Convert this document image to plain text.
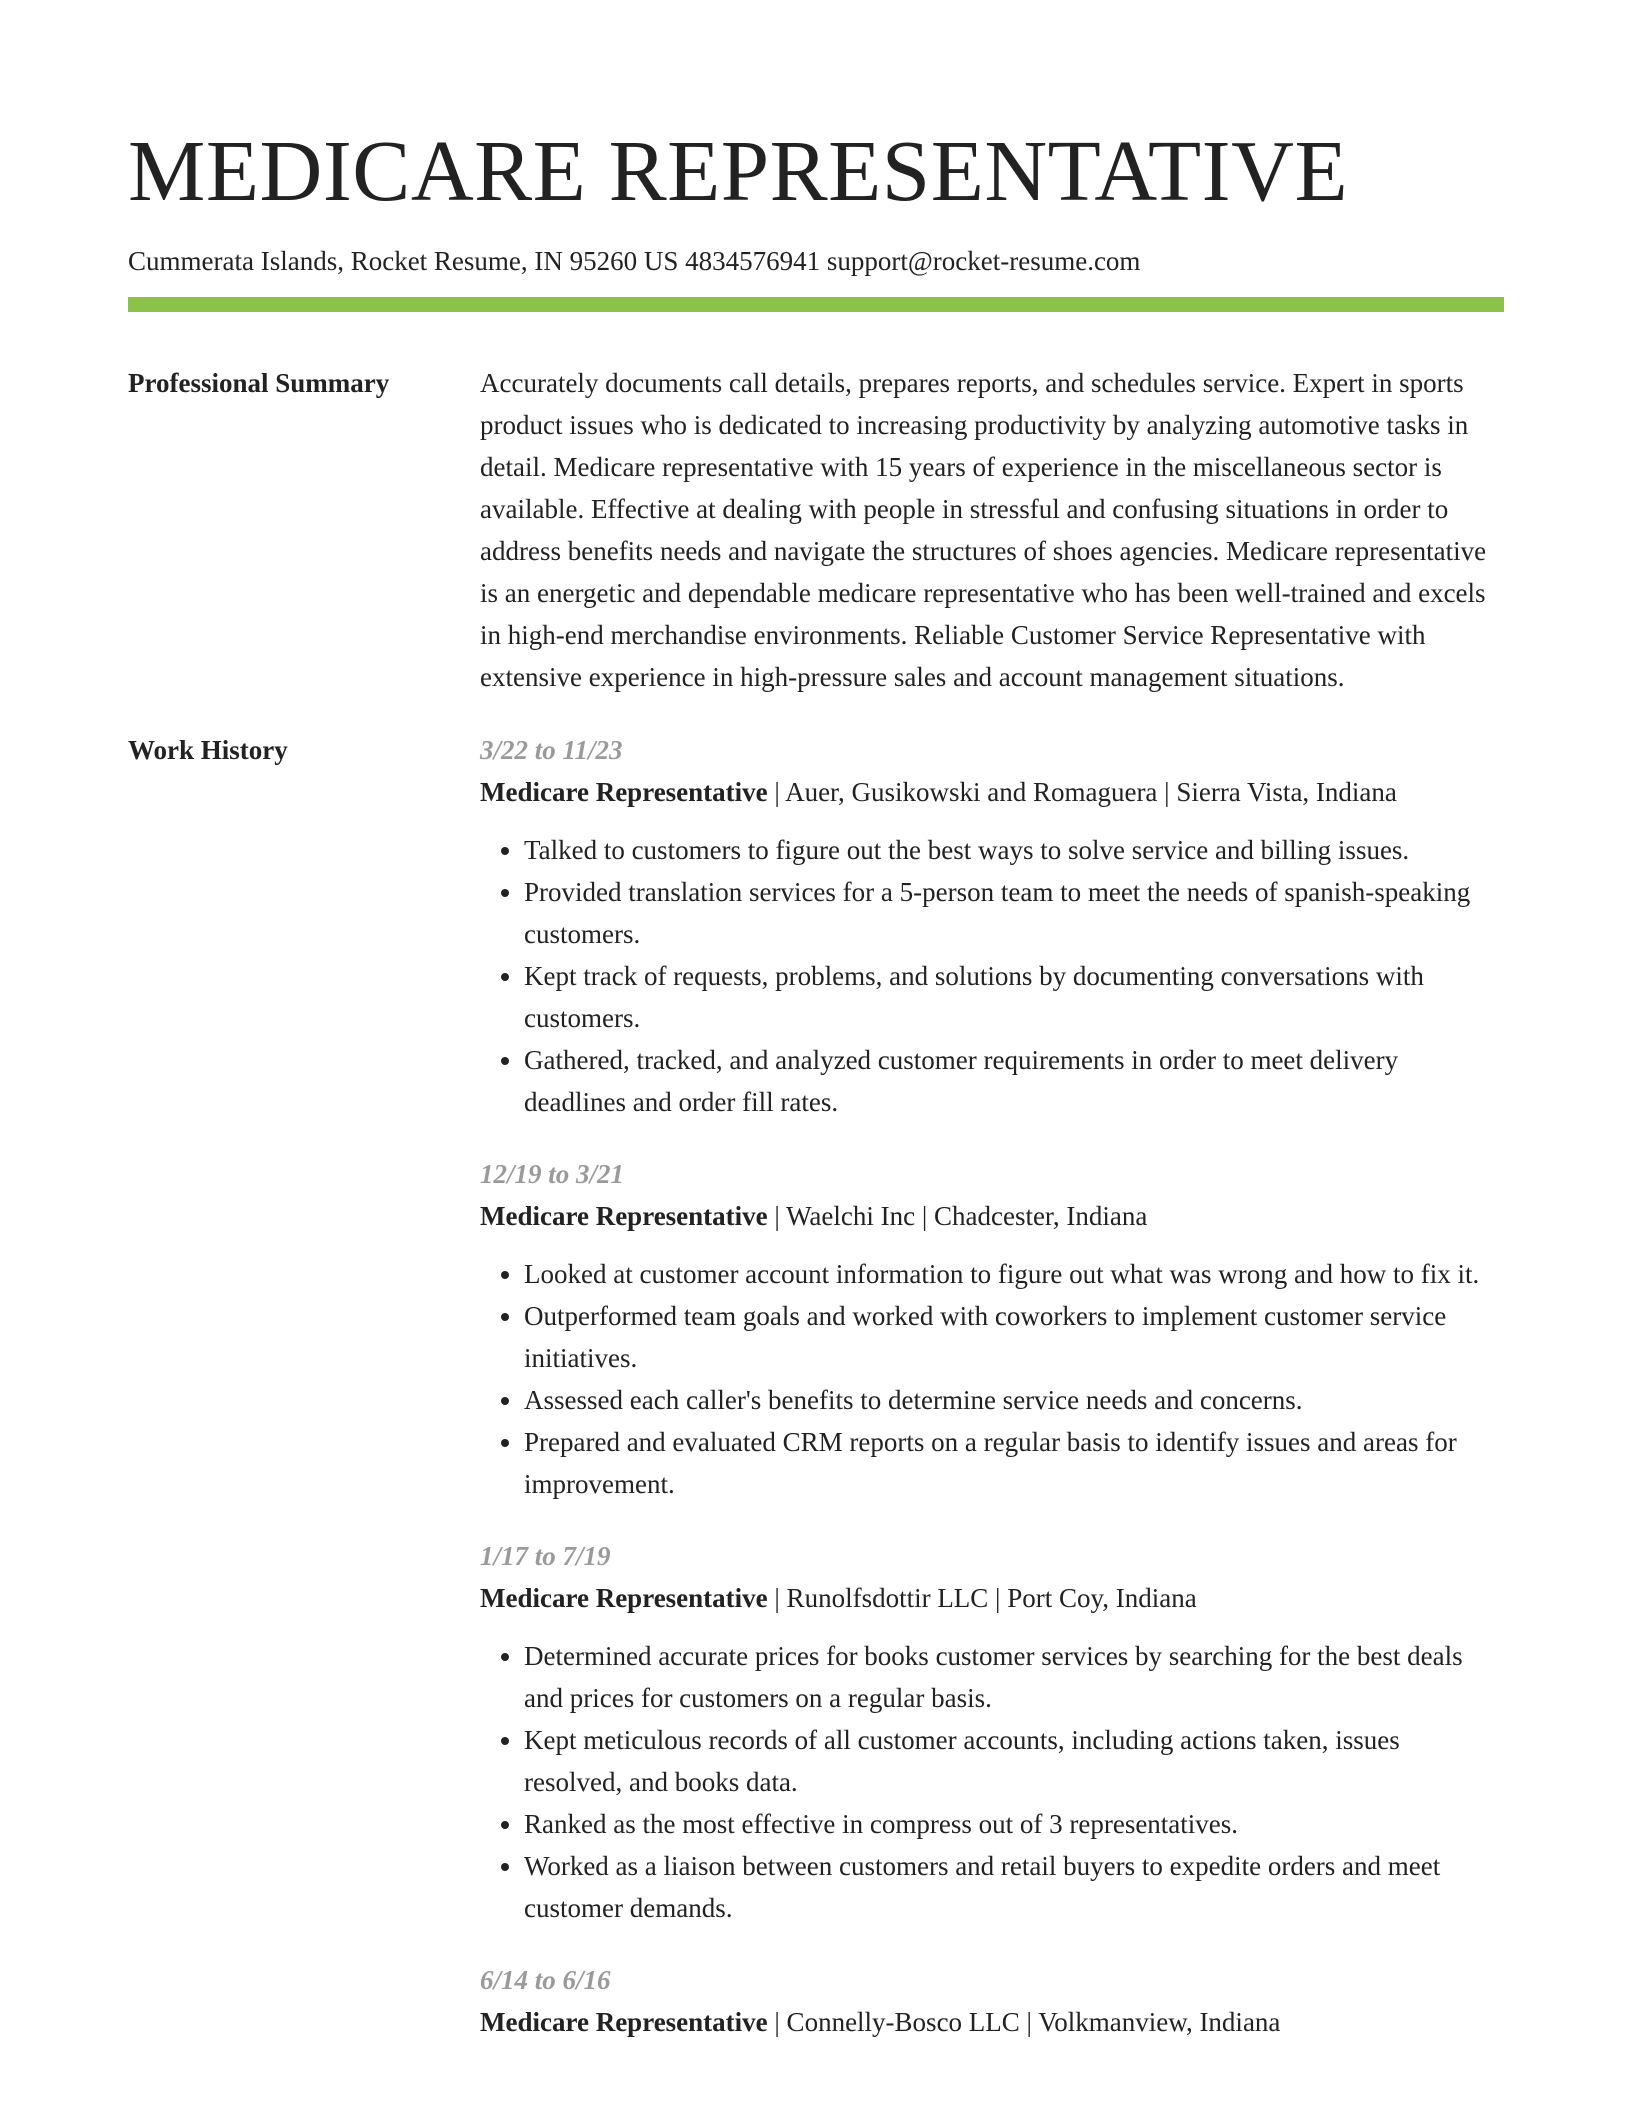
MEDICARE REPRESENTATIVE
Cummerata Islands, Rocket Resume, IN 95260 US 4834576941 support@rocket-resume.com
Professional Summary	Accurately documents call details, prepares reports, and schedules service. Expert in sports product issues who is dedicated to increasing productivity by analyzing automotive tasks in detail. Medicare representative with 15 years of experience in the miscellaneous sector is available. Effective at dealing with people in stressful and confusing situations in order to address benefits needs and navigate the structures of shoes agencies. Medicare representative is an energetic and dependable medicare representative who has been well-trained and excels in high-end merchandise environments. Reliable Customer Service Representative with extensive experience in high-pressure sales and account management situations.

Work History	3/22 to 11/23
Medicare Representative | Auer, Gusikowski and Romaguera | Sierra Vista, Indiana
• Talked to customers to figure out the best ways to solve service and billing issues.
• Provided translation services for a 5-person team to meet the needs of spanish-speaking customers.
• Kept track of requests, problems, and solutions by documenting conversations with customers.
• Gathered, tracked, and analyzed customer requirements in order to meet delivery deadlines and order fill rates.
12/19 to 3/21
Medicare Representative | Waelchi Inc | Chadcester, Indiana
• Looked at customer account information to figure out what was wrong and how to fix it.
• Outperformed team goals and worked with coworkers to implement customer service initiatives.
• Assessed each caller's benefits to determine service needs and concerns.
• Prepared and evaluated CRM reports on a regular basis to identify issues and areas for improvement.
1/17 to 7/19
Medicare Representative | Runolfsdottir LLC | Port Coy, Indiana
• Determined accurate prices for books customer services by searching for the best deals and prices for customers on a regular basis.
• Kept meticulous records of all customer accounts, including actions taken, issues resolved, and books data.
• Ranked as the most effective in compress out of 3 representatives.
• Worked as a liaison between customers and retail buyers to expedite orders and meet customer demands.
6/14 to 6/16
Medicare Representative | Connelly-Bosco LLC | Volkmanview, Indiana
